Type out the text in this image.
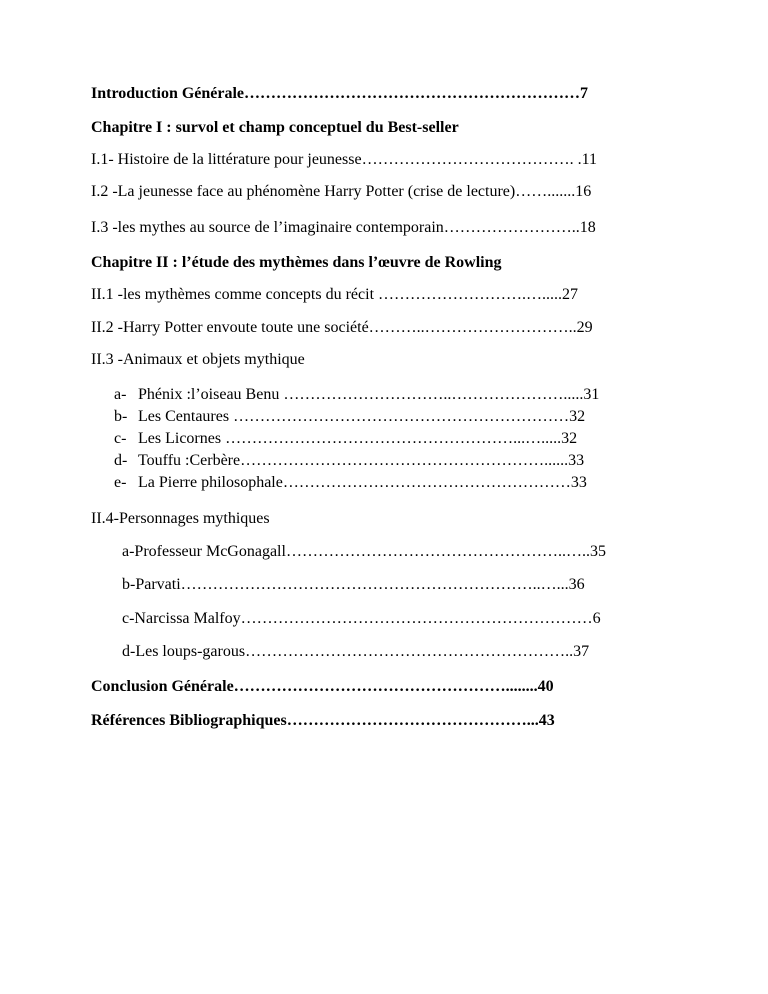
Introduction Générale………………………………………………………7

Chapitre I : survol et champ conceptuel du Best-seller

I.1- Histoire de la littérature pour jeunesse…………………………………. .11

I.2 -La jeunesse face au phénomène Harry Potter (crise de lecture)…….......16

I.3 -les mythes au source de l’imaginaire contemporain……………………..18

Chapitre II : l’étude des mythèmes dans l’œuvre de Rowling

II.1 -les mythèmes comme concepts du récit ……………………….….....27

II.2 -Harry Potter envoute toute une société………..………………………..29

II.3 -Animaux et objets mythique

a- Phénix :l’oiseau Benu …………………………..………………….....31
b- Les Centaures ………………………………………………………32
c- Les Licornes ………………………………………………...….....32
d- Touffu :Cerbère…………………………………………………......33
e- La Pierre philosophale………………………………………………33

II.4-Personnages mythiques

a-Professeur McGonagall……………………………………………..…..35

b-Parvati…………………………………………………………..…...36

c-Narcissa Malfoy…………………………………………………………6

d-Les loups-garous……………………………………………………..37

Conclusion Générale……………………………………………........40

Références Bibliographiques………………………………………...43
